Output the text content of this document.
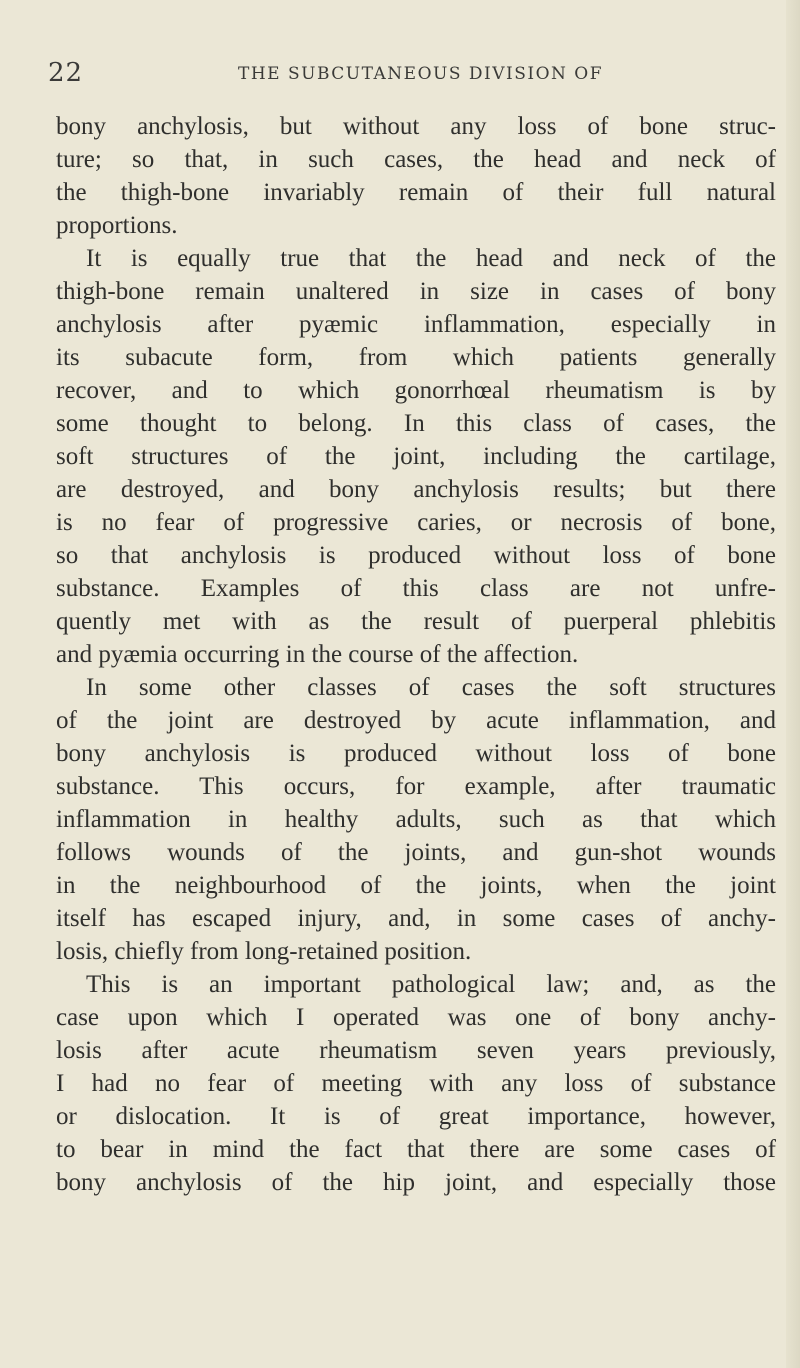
22	THE SUBCUTANEOUS DIVISION OF
bony anchylosis, but without any loss of bone struc-
ture; so that, in such cases, the head and neck of
the thigh-bone invariably remain of their full natural
proportions.
It is equally true that the head and neck of the
thigh-bone remain unaltered in size in cases of bony
anchylosis after pyæmic inflammation, especially in
its subacute form, from which patients generally
recover, and to which gonorrhœal rheumatism is by
some thought to belong. In this class of cases, the
soft structures of the joint, including the cartilage,
are destroyed, and bony anchylosis results; but there
is no fear of progressive caries, or necrosis of bone,
so that anchylosis is produced without loss of bone
substance. Examples of this class are not unfre-
quently met with as the result of puerperal phlebitis
and pyæmia occurring in the course of the affection.
In some other classes of cases the soft structures
of the joint are destroyed by acute inflammation, and
bony anchylosis is produced without loss of bone
substance. This occurs, for example, after traumatic
inflammation in healthy adults, such as that which
follows wounds of the joints, and gun-shot wounds
in the neighbourhood of the joints, when the joint
itself has escaped injury, and, in some cases of anchy-
losis, chiefly from long-retained position.
This is an important pathological law; and, as the
case upon which I operated was one of bony anchy-
losis after acute rheumatism seven years previously,
I had no fear of meeting with any loss of substance
or dislocation. It is of great importance, however,
to bear in mind the fact that there are some cases of
bony anchylosis of the hip joint, and especially those
